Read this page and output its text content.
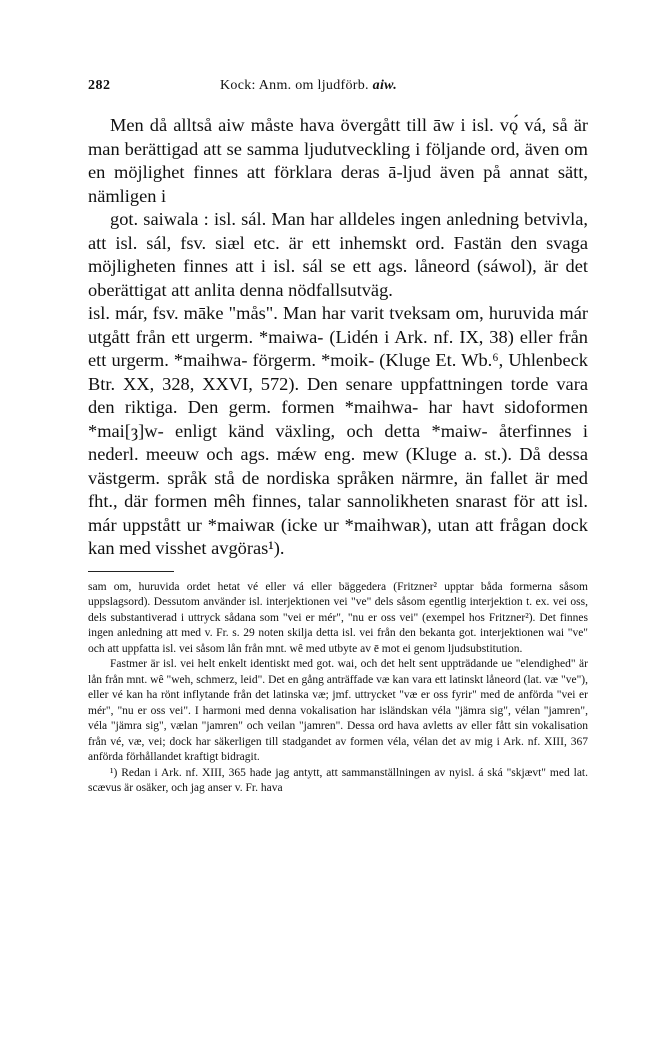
282	Kock: Anm. om ljudförb. aiw.

Men då alltså aiw måste hava övergått till āw i isl. vǫ́ vá, så är man berättigad att se samma ljudutveckling i följande ord, även om en möjlighet finnes att förklara deras ā-ljud även på annat sätt, nämligen i

got. saiwala : isl. sál. Man har alldeles ingen anledning betvivla, att isl. sál, fsv. siæl etc. är ett inhemskt ord. Fastän den svaga möjligheten finnes att i isl. sál se ett ags. låneord (sáwol), är det oberättigat att anlita denna nödfallsutväg.

isl. már, fsv. māke "mås". Man har varit tveksam om, huruvida már utgått från ett urgerm. *maiwa- (Lidén i Ark. nf. IX, 38) eller från ett urgerm. *maihwa- förgerm. *moik- (Kluge Et. Wb.⁶, Uhlenbeck Btr. XX, 328, XXVI, 572). Den senare uppfattningen torde vara den riktiga. Den germ. formen *maihwa- har havt sidoformen *mai[ȝ]w- enligt känd växling, och detta *maiw- återfinnes i nederl. meeuw och ags. mǽw eng. mew (Kluge a. st.). Då dessa västgerm. språk stå de nordiska språken närmre, än fallet är med fht., där formen mêh finnes, talar sannolikheten snarast för att isl. már uppstått ur *maiwaʀ (icke ur *maihwaʀ), utan att frågan dock kan med visshet avgöras¹).

sam om, huruvida ordet hetat vé eller vá eller bäggedera (Fritzner² upptar båda formerna såsom uppslagsord). Dessutom använder isl. interjektionen vei "ve" dels såsom egentlig interjektion t. ex. vei oss, dels substantiverad i uttryck sådana som "vei er mér", "nu er oss vei" (exempel hos Fritzner²). Det finnes ingen anledning att med v. Fr. s. 29 noten skilja detta isl. vei från den bekanta got. interjektionen wai "ve" och att uppfatta isl. vei såsom lån från mnt. wê med utbyte av ē mot ei genom ljudsubstitution.

Fastmer är isl. vei helt enkelt identiskt med got. wai, och det helt sent uppträdande ue "elendighed" är lån från mnt. wê "weh, schmerz, leid". Det en gång anträffade væ kan vara ett latinskt låneord (lat. væ "ve"), eller vé kan ha rönt inflytande från det latinska væ; jmf. uttrycket "væ er oss fyrir" med de anförda "vei er mér", "nu er oss vei". I harmoni med denna vokalisation har isländskan véla "jämra sig", vélan "jamren", véla "jämra sig", vælan "jamren" och veilan "jamren". Dessa ord hava avletts av eller fått sin vokalisation från vé, væ, vei; dock har säkerligen till stadgandet av formen véla, vélan det av mig i Ark. nf. XIII, 367 anförda förhållandet kraftigt bidragit.

¹) Redan i Ark. nf. XIII, 365 hade jag antytt, att sammanställningen av nyisl. á ská "skjævt" med lat. scævus är osäker, och jag anser v. Fr. hava
